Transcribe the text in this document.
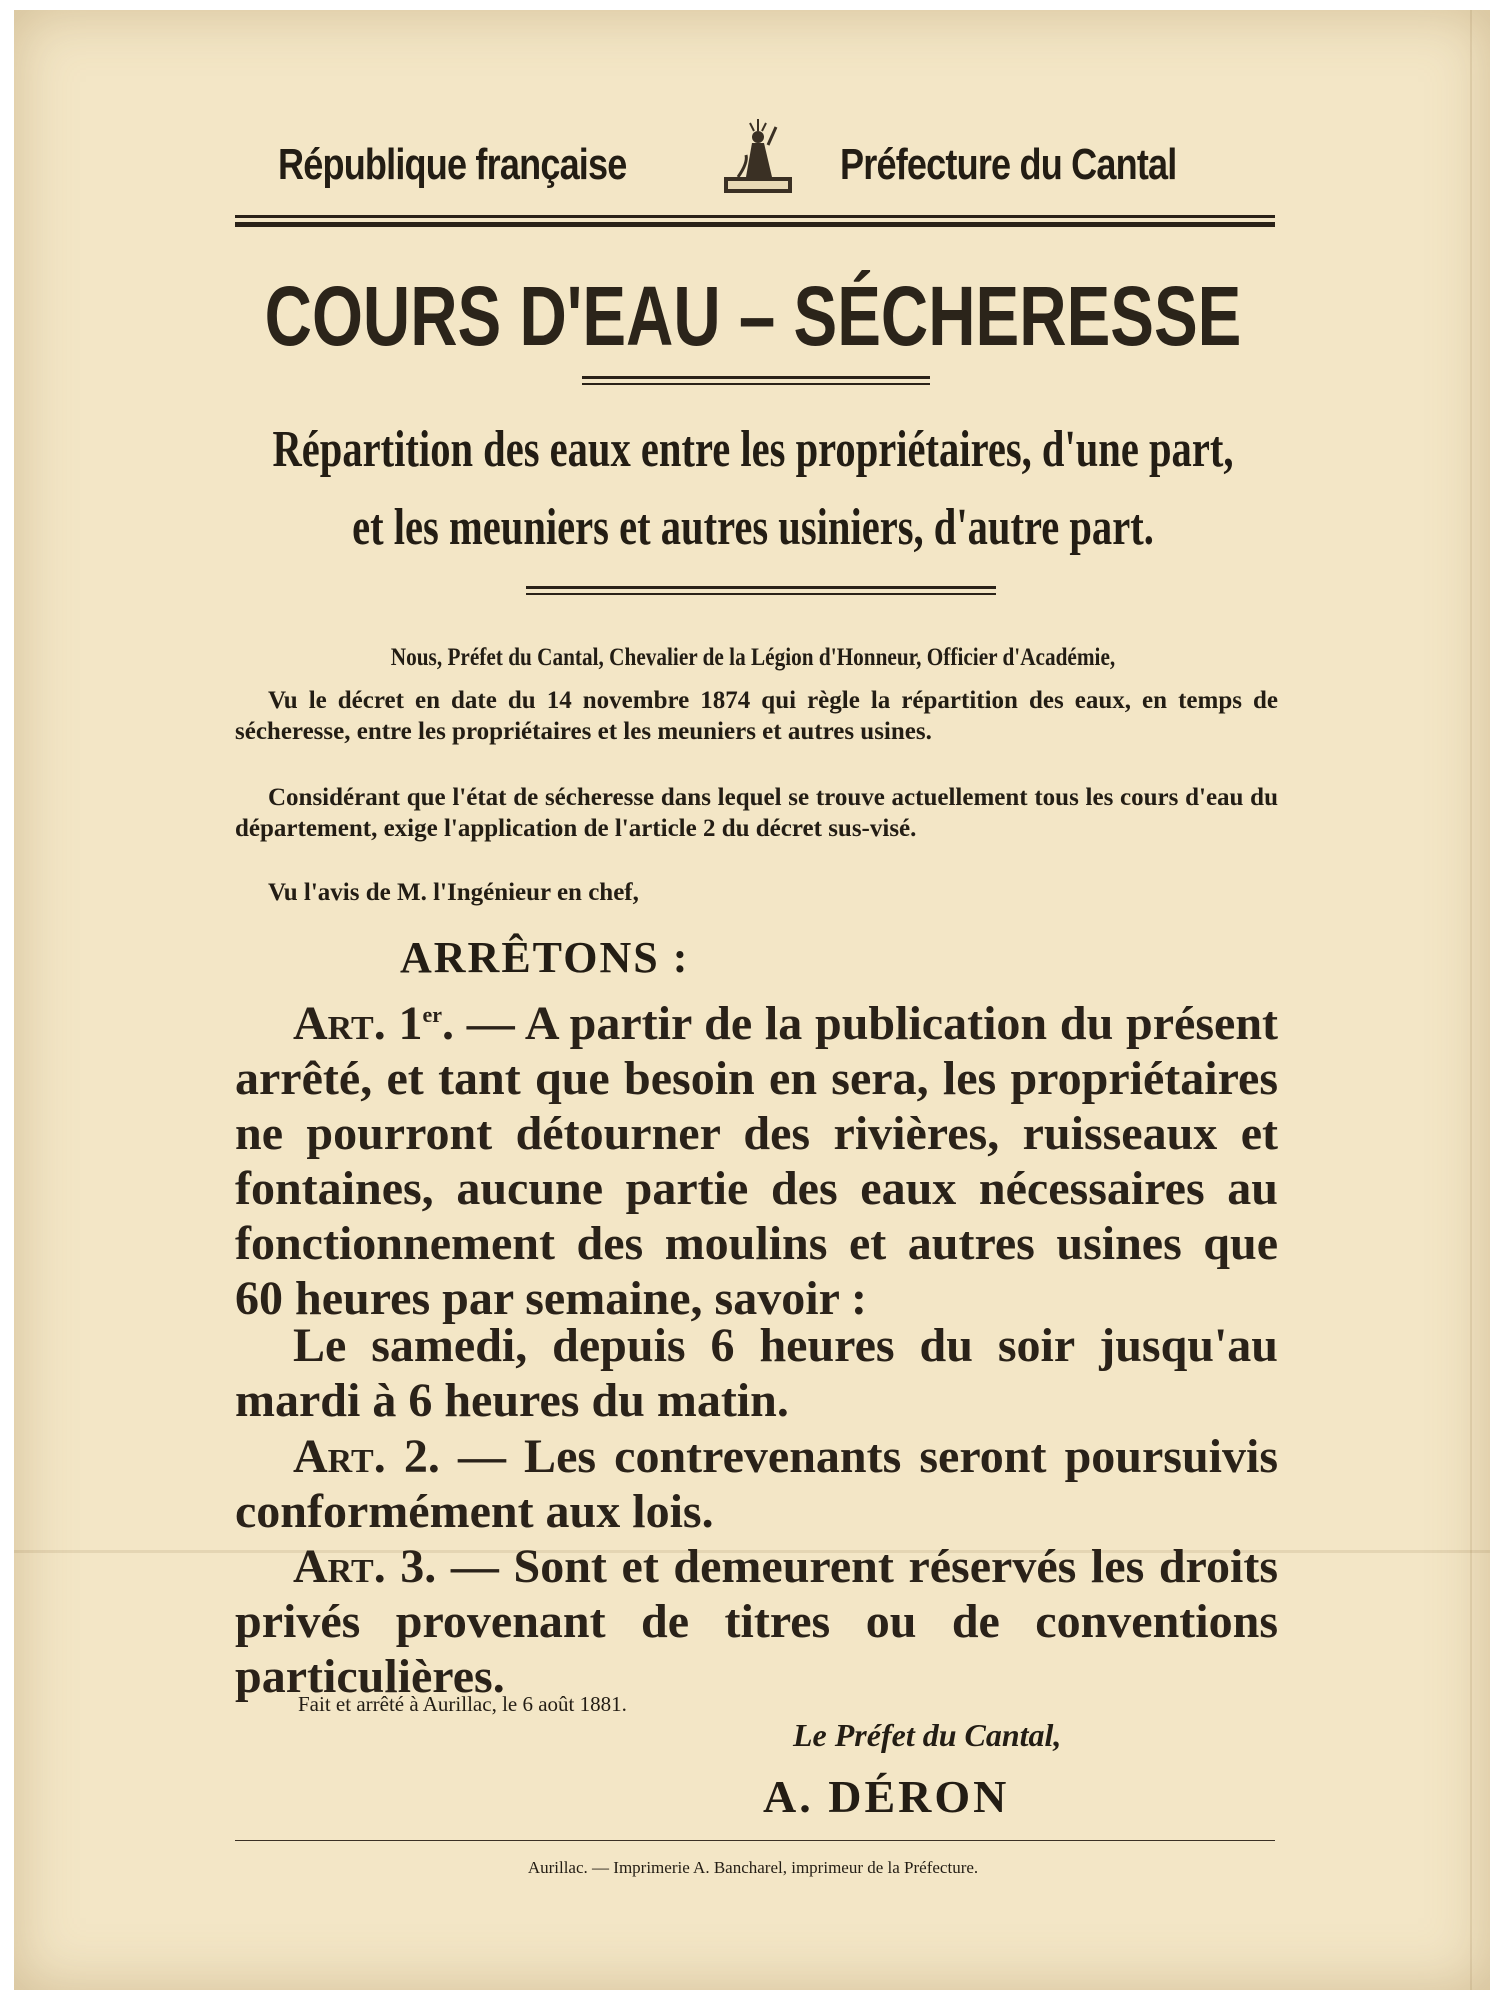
République française	Préfecture du Cantal
COURS D'EAU – SÉCHERESSE
Répartition des eaux entre les propriétaires, d'une part,
et les meuniers et autres usiniers, d'autre part.
Nous, Préfet du Cantal, Chevalier de la Légion d'Honneur, Officier d'Académie,
Vu le décret en date du 14 novembre 1874 qui règle la répartition des eaux, en temps de sécheresse, entre les propriétaires et les meuniers et autres usines.
Considérant que l'état de sécheresse dans lequel se trouve actuellement tous les cours d'eau du département, exige l'application de l'article 2 du décret sus-visé.
Vu l'avis de M. l'Ingénieur en chef,
ARRÊTONS :
Art. 1er. — A partir de la publication du présent arrêté, et tant que besoin en sera, les propriétaires ne pourront détourner des rivières, ruisseaux et fontaines, aucune partie des eaux nécessaires au fonctionnement des moulins et autres usines que 60 heures par semaine, savoir :
Le samedi, depuis 6 heures du soir jusqu'au mardi à 6 heures du matin.
Art. 2. — Les contrevenants seront poursuivis conformément aux lois.
Art. 3. — Sont et demeurent réservés les droits privés provenant de titres ou de conventions particulières.
Fait et arrêté à Aurillac, le 6 août 1881.
Le Préfet du Cantal,
A. DÉRON
Aurillac. — Imprimerie A. Bancharel, imprimeur de la Préfecture.
